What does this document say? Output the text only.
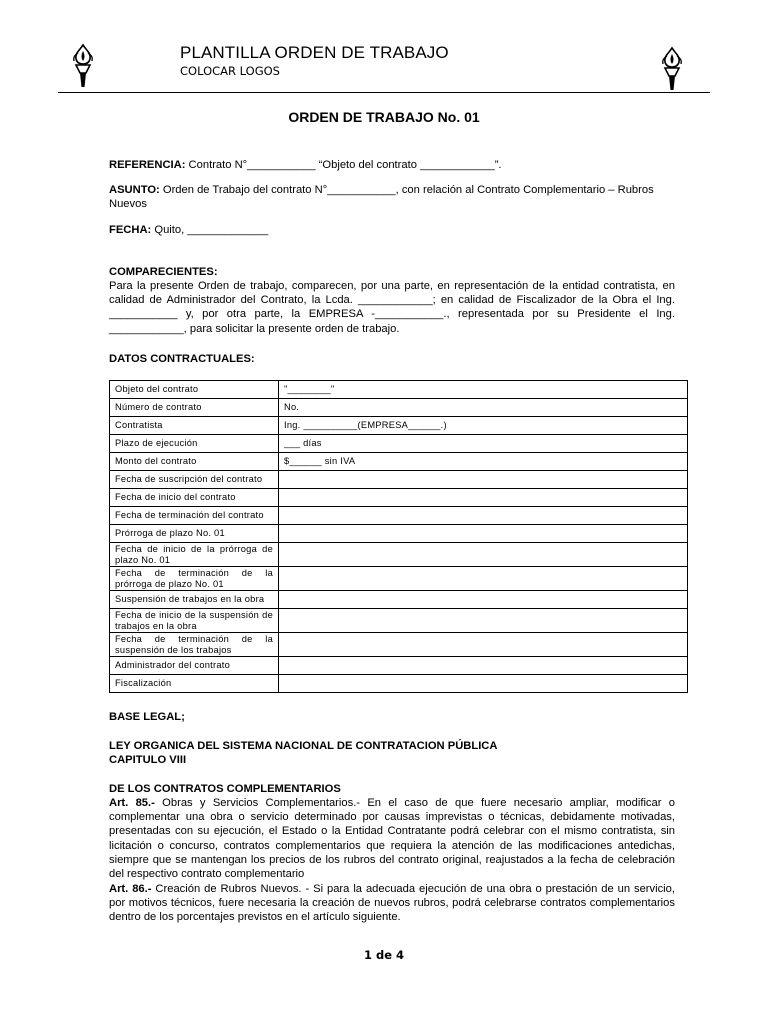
PLANTILLA ORDEN DE TRABAJO
COLOCAR LOGOS
ORDEN DE TRABAJO No. 01
REFERENCIA: Contrato N°___________ “Objeto del contrato ____________”.
ASUNTO: Orden de Trabajo del contrato N°___________, con relación al Contrato Complementario – Rubros Nuevos
FECHA: Quito, _____________
COMPARECIENTES:
Para la presente Orden de trabajo, comparecen, por una parte, en representación de la entidad contratista, en calidad de Administrador del Contrato, la Lcda. ____________; en calidad de Fiscalizador de la Obra el Ing. ___________ y, por otra parte, la EMPRESA -___________., representada por su Presidente el Ing. ____________, para solicitar la presente orden de trabajo.
DATOS CONTRACTUALES:
Objeto del contrato	"________"
Número de contrato	No.
Contratista	Ing. __________(EMPRESA______.)
Plazo de ejecución	___ días
Monto del contrato	$______ sin IVA
Fecha de suscripción del contrato	
Fecha de inicio del contrato	
Fecha de terminación del contrato	
Prórroga de plazo No. 01	
Fecha de inicio de la prórroga de plazo No. 01	
Fecha de terminación de la prórroga de plazo No. 01	
Suspensión de trabajos en la obra	
Fecha de inicio de la suspensión de trabajos en la obra	
Fecha de terminación de la suspensión de los trabajos	
Administrador del contrato	
Fiscalización	
BASE LEGAL;
LEY ORGANICA DEL SISTEMA NACIONAL DE CONTRATACION PÚBLICA
CAPITULO VIII
DE LOS CONTRATOS COMPLEMENTARIOS
Art. 85.- Obras y Servicios Complementarios.- En el caso de que fuere necesario ampliar, modificar o complementar una obra o servicio determinado por causas imprevistas o técnicas, debidamente motivadas, presentadas con su ejecución, el Estado o la Entidad Contratante podrá celebrar con el mismo contratista, sin licitación o concurso, contratos complementarios que requiera la atención de las modificaciones antedichas, siempre que se mantengan los precios de los rubros del contrato original, reajustados a la fecha de celebración del respectivo contrato complementario
Art. 86.- Creación de Rubros Nuevos. - Si para la adecuada ejecución de una obra o prestación de un servicio, por motivos técnicos, fuere necesaria la creación de nuevos rubros, podrá celebrarse contratos complementarios dentro de los porcentajes previstos en el artículo siguiente.
1 de 4
